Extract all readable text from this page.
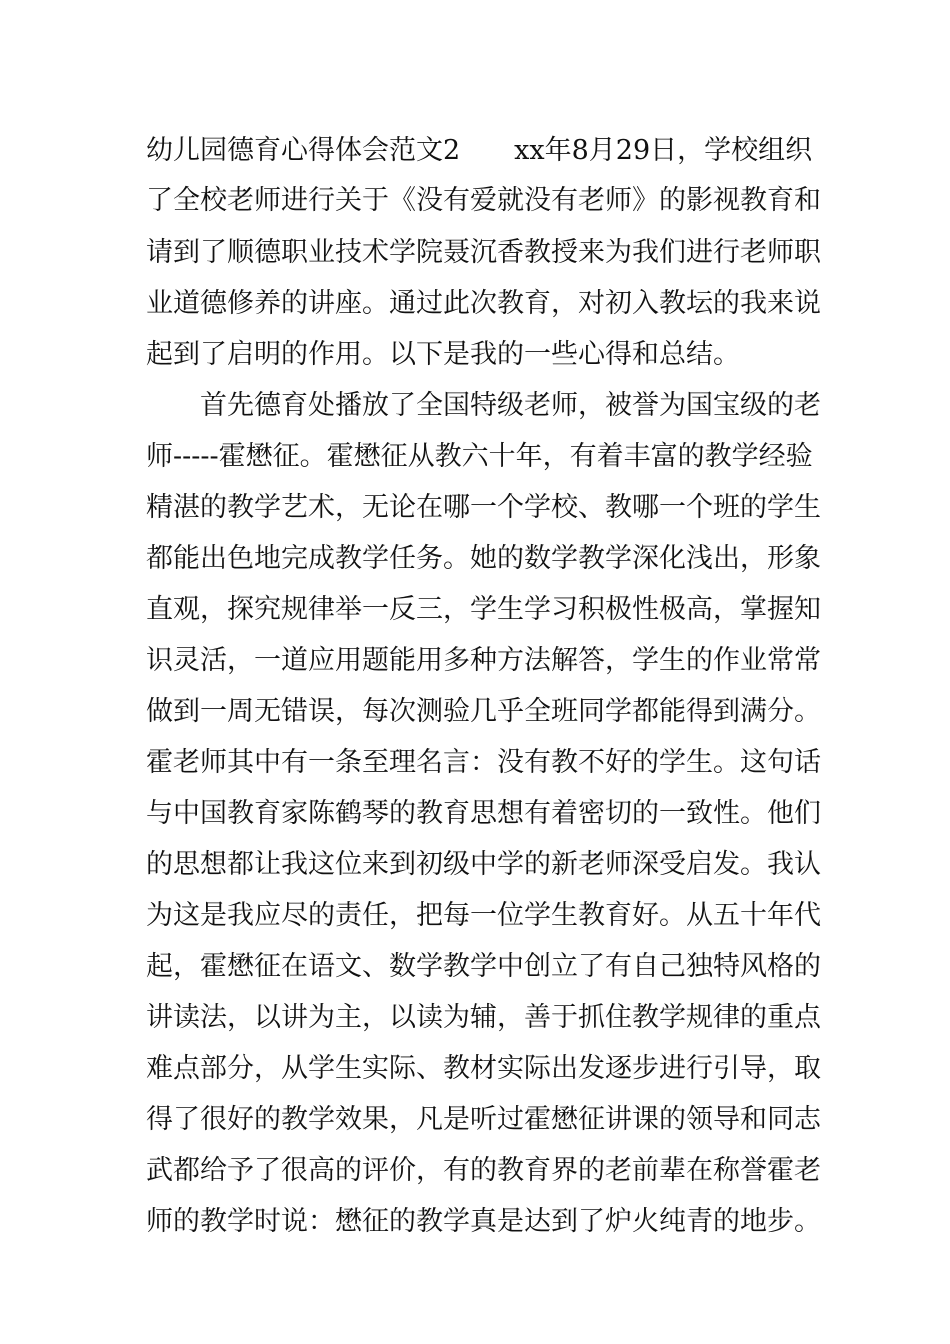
幼儿园德育心得体会范文2　　xx年8月29日，学校组织
了全校老师进行关于《没有爱就没有老师》的影视教育和
请到了顺德职业技术学院聂沉香教授来为我们进行老师职
业道德修养的讲座。通过此次教育，对初入教坛的我来说
起到了启明的作用。以下是我的一些心得和总结。
　　首先德育处播放了全国特级老师，被誉为国宝级的老
师-----霍懋征。霍懋征从教六十年，有着丰富的教学经验
精湛的教学艺术，无论在哪一个学校、教哪一个班的学生
都能出色地完成教学任务。她的数学教学深化浅出，形象
直观，探究规律举一反三，学生学习积极性极高，掌握知
识灵活，一道应用题能用多种方法解答，学生的作业常常
做到一周无错误，每次测验几乎全班同学都能得到满分。
霍老师其中有一条至理名言：没有教不好的学生。这句话
与中国教育家陈鹤琴的教育思想有着密切的一致性。他们
的思想都让我这位来到初级中学的新老师深受启发。我认
为这是我应尽的责任，把每一位学生教育好。从五十年代
起，霍懋征在语文、数学教学中创立了有自己独特风格的
讲读法，以讲为主，以读为辅，善于抓住教学规律的重点
难点部分，从学生实际、教材实际出发逐步进行引导，取
得了很好的教学效果，凡是听过霍懋征讲课的领导和同志
武都给予了很高的评价，有的教育界的老前辈在称誉霍老
师的教学时说：懋征的教学真是达到了炉火纯青的地步。
